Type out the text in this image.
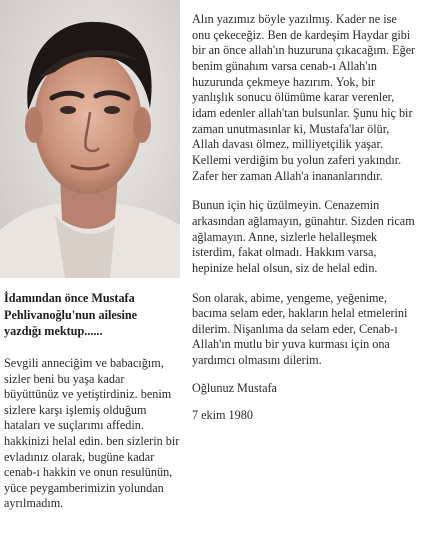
İdamından önce Mustafa Pehlivanoğlu'nun ailesine yazdığı mektup......

Sevgili anneciğim ve babacığım, sizler beni bu yaşa kadar büyüttünüz ve yetiştirdiniz. benim sizlere karşı işlemiş olduğum hataları ve suçlarımı affedin. hakkinizi helal edin. ben sizlerin bir evladınız olarak, bugüne kadar cenab-ı hakkin ve onun resulünün, yüce peygamberimizin yolundan ayrılmadım.

Alın yazımız böyle yazılmış. Kader ne ise onu çekeceğiz. Ben de kardeşim Haydar gibi bir an önce allah'ın huzuruna çıkacağım. Eğer benim günahım varsa cenab-ı Allah'ın huzurunda çekmeye hazırım. Yok, bir yanlışlık sonucu ölümüme karar verenler, idam edenler allah'tan bulsunlar. Şunu hiç bir zaman unutmasınlar ki, Mustafa'lar ölür, Allah davası ölmez, milliyetçilik yaşar. Kellemi verdiğim bu yolun zaferi yakındır. Zafer her zaman Allah'a inananlarındır.

Bunun için hiç üzülmeyin. Cenazemin arkasından ağlamayın, günahtır. Sizden ricam ağlamayın. Anne, sizlerle helalleşmek isterdim, fakat olmadı. Hakkım varsa, hepinize helal olsun, siz de helal edin.

Son olarak, abime, yengeme, yeğenime, bacıma selam eder, hakların helal etmelerini dilerim. Nişanlıma da selam eder, Cenab-ı Allah'ın mutlu bir yuva kurması için ona yardımcı olmasını dilerim.

Oğlunuz Mustafa

7 ekim 1980
